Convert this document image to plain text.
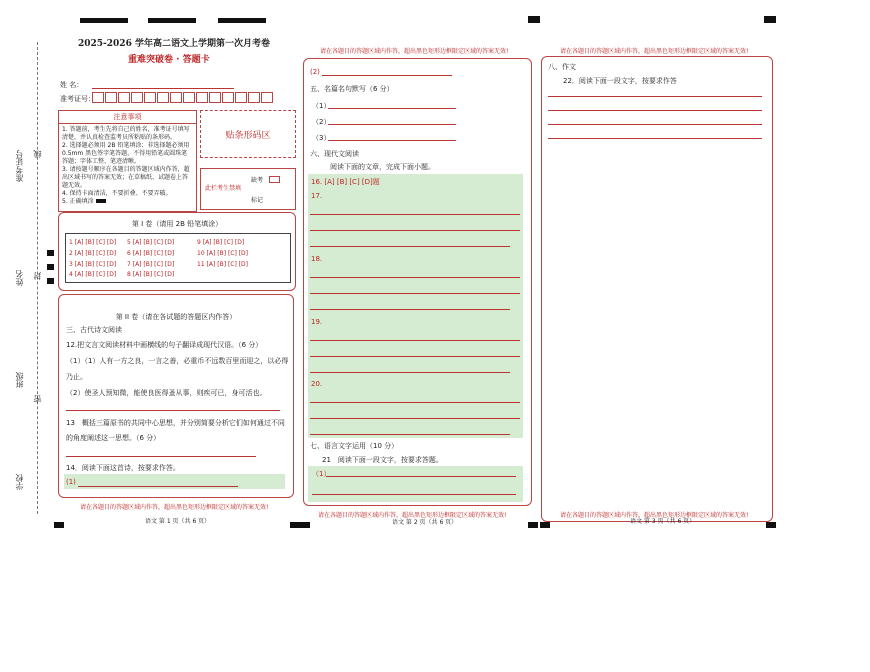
准考证号 线
姓名 封
班级
密
学校
2025-2026 学年高二语文上学期第一次月考卷
重难突破卷 · 答题卡
姓 名：
准考证号：
注意事项
1. 答题前，考生先将自己的姓名，准考证号填写清楚，并认真检查监考员所粘贴的条形码。
2. 选择题必须用 2B 铅笔填涂；非选择题必须用 0.5mm 黑色签字笔答题，不得用铅笔或圆珠笔答题；字体工整、笔迹清晰。
3. 请按题号顺序在各题目的答题区域内作答，超出区域书写的答案无效；在草稿纸、试题卷上答题无效。
4. 保持卡面清洁，不要折叠、不要弄破。
5. 正确填涂
贴条形码区
此栏考生禁填
缺考
标记
第 I 卷（请用 2B 铅笔填涂）
1 [A] [B] [C] [D] 5 [A] [B] [C] [D]	9 [A] [B] [C] [D]
2 [A] [B] [C] [D] 6 [A] [B] [C] [D]	10 [A] [B] [C] [D]
3 [A] [B] [C] [D] 7 [A] [B] [C] [D]	11 [A] [B] [C] [D]
4 [A] [B] [C] [D] 8 [A] [B] [C] [D]
第 II 卷（请在各试题的答题区内作答）
三、古代诗文阅读
12.把文言文阅读材料中画横线的句子翻译成现代汉语。（6 分）
（1）（1）人有一方之良，一言之善，必重币不远数百里而迎之，以必得
乃止。
（2）使圣人预知微，能使良医得蚤从事，则疾可已，身可活也。
13　概括三篇原书的共同中心思想，并分别简要分析它们如何通过不同
的角度阐述这一思想。（6 分）
14．阅读下面这首诗，按要求作答。
(1)
请在各题目的答题区域内作答，超出黑色矩形边框限定区域的答案无效!
语文 第 1 页（共 6 页）
请在各题目的答题区域内作答，超出黑色矩形边框限定区域的答案无效!
(2)
五、名篇名句默写（6 分）
（1）
（2）
（3）
六、现代文阅读
阅读下面的文章，完成下面小题。
16. [A] [B] [C] [D]题
17.
18.
19.
20.
七、语言文字运用（10 分）
21　阅读下面一段文字，按要求答题。
（1）
请在各题目的答题区域内作答，超出黑色矩形边框限定区域的答案无效!
语文 第 2 页（共 6 页）
请在各题目的答题区域内作答，超出黑色矩形边框限定区域的答案无效!
八、作文
22．阅读下面一段文字，按要求作答
请在各题目的答题区域内作答，超出黑色矩形边框限定区域的答案无效!
语文 第 3 页（共 6 页）
